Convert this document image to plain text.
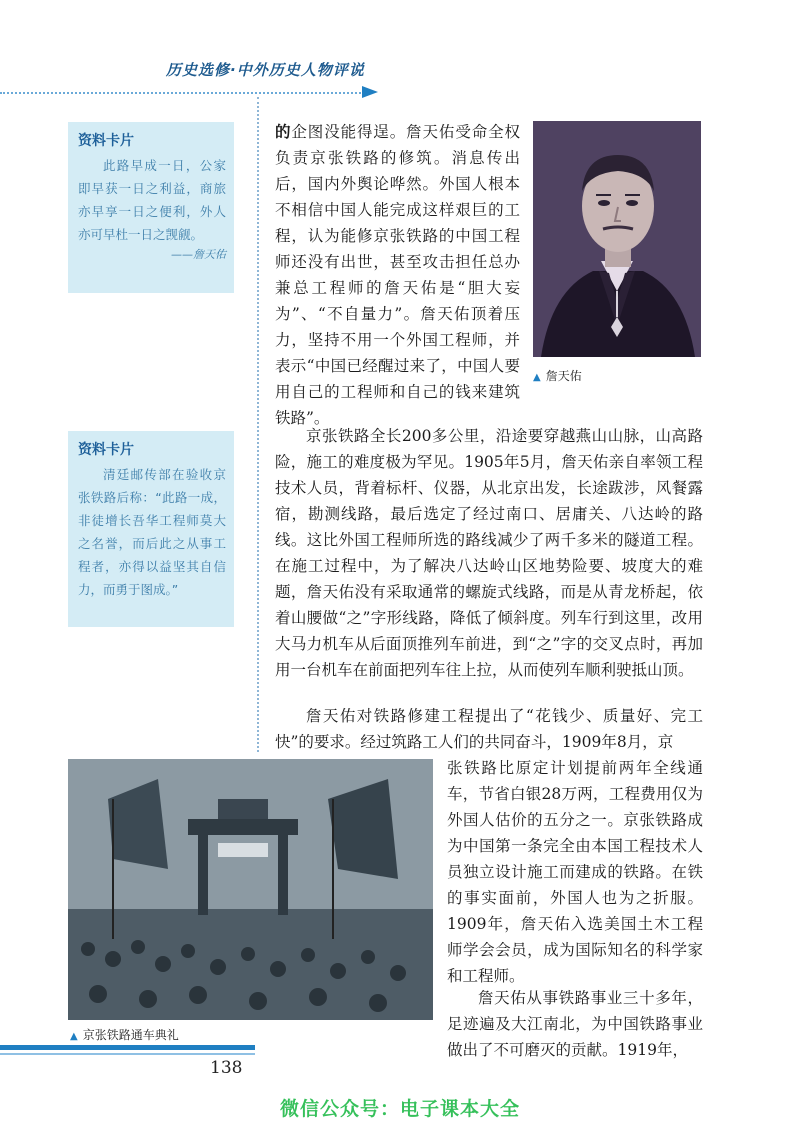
历史选修·中外历史人物评说
资料卡片
此路早成一日，公家即早获一日之利益，商旅亦早享一日之便利，外人亦可早杜一日之觊觎。
——詹天佑
资料卡片
清廷邮传部在验收京张铁路后称：“此路一成，非徒增长吾华工程师莫大之名誉，而后此之从事工程者，亦得以益坚其自信力，而勇于图成。”
的企图没能得逞。詹天佑受命全权负责京张铁路的修筑。消息传出后，国内外舆论哗然。外国人根本不相信中国人能完成这样艰巨的工程，认为能修京张铁路的中国工程师还没有出世，甚至攻击担任总办兼总工程师的詹天佑是“胆大妄为”、“不自量力”。詹天佑顶着压力，坚持不用一个外国工程师，并表示“中国已经醒过来了，中国人要用自己的工程师和自己的钱来建筑铁路”。
▲ 詹天佑
京张铁路全长200多公里，沿途要穿越燕山山脉，山高路险，施工的难度极为罕见。1905年5月，詹天佑亲自率领工程技术人员，背着标杆、仪器，从北京出发，长途跋涉，风餐露宿，勘测线路，最后选定了经过南口、居庸关、八达岭的路线。这比外国工程师所选的路线减少了两千多米的隧道工程。在施工过程中，为了解决八达岭山区地势险要、坡度大的难题，詹天佑没有采取通常的螺旋式线路，而是从青龙桥起，依着山腰做“之”字形线路，降低了倾斜度。列车行到这里，改用大马力机车从后面顶推列车前进，到“之”字的交叉点时，再加用一台机车在前面把列车往上拉，从而使列车顺利驶抵山顶。
詹天佑对铁路修建工程提出了“花钱少、质量好、完工快”的要求。经过筑路工人们的共同奋斗，1909年8月，京
▲ 京张铁路通车典礼
张铁路比原定计划提前两年全线通车，节省白银28万两，工程费用仅为外国人估价的五分之一。京张铁路成为中国第一条完全由本国工程技术人员独立设计施工而建成的铁路。在铁的事实面前，外国人也为之折服。1909年，詹天佑入选美国土木工程师学会会员，成为国际知名的科学家和工程师。
詹天佑从事铁路事业三十多年，足迹遍及大江南北，为中国铁路事业做出了不可磨灭的贡献。1919年，
138
微信公众号：电子课本大全
